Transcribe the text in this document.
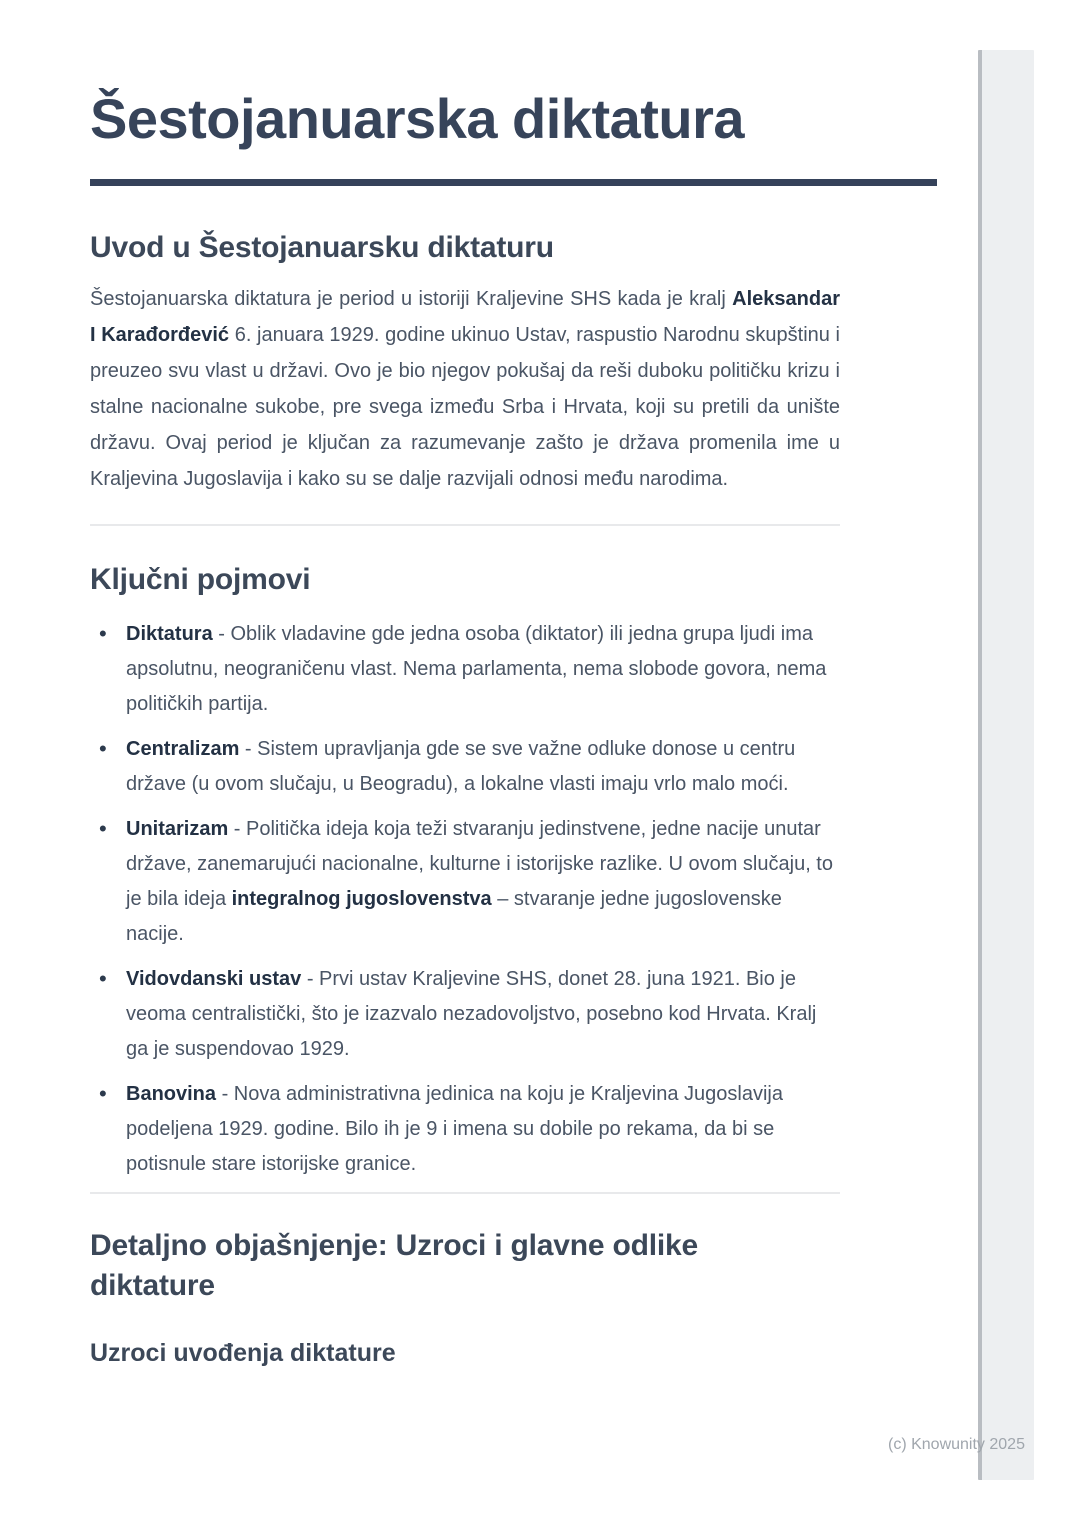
Šestojanuarska diktatura
Uvod u Šestojanuarsku diktaturu

Šestojanuarska diktatura je period u istoriji Kraljevine SHS kada je kralj Aleksandar I Karađorđević 6. januara 1929. godine ukinuo Ustav, raspustio Narodnu skupštinu i preuzeo svu vlast u državi. Ovo je bio njegov pokušaj da reši duboku političku krizu i stalne nacionalne sukobe, pre svega između Srba i Hrvata, koji su pretili da unište državu. Ovaj period je ključan za razumevanje zašto je država promenila ime u Kraljevina Jugoslavija i kako su se dalje razvijali odnosi među narodima.

Ključni pojmovi
• Diktatura - Oblik vladavine gde jedna osoba (diktator) ili jedna grupa ljudi ima apsolutnu, neograničenu vlast. Nema parlamenta, nema slobode govora, nema političkih partija.
• Centralizam - Sistem upravljanja gde se sve važne odluke donose u centru države (u ovom slučaju, u Beogradu), a lokalne vlasti imaju vrlo malo moći.
• Unitarizam - Politička ideja koja teži stvaranju jedinstvene, jedne nacije unutar države, zanemarujući nacionalne, kulturne i istorijske razlike. U ovom slučaju, to je bila ideja integralnog jugoslovenstva – stvaranje jedne jugoslovenske nacije.
• Vidovdanski ustav - Prvi ustav Kraljevine SHS, donet 28. juna 1921. Bio je veoma centralistički, što je izazvalo nezadovoljstvo, posebno kod Hrvata. Kralj ga je suspendovao 1929.
• Banovina - Nova administrativna jedinica na koju je Kraljevina Jugoslavija podeljena 1929. godine. Bilo ih je 9 i imena su dobile po rekama, da bi se potisnule stare istorijske granice.
Detaljno objašnjenje: Uzroci i glavne odlike diktature
Uzroci uvođenja diktature
(c) Knowunity 2025
